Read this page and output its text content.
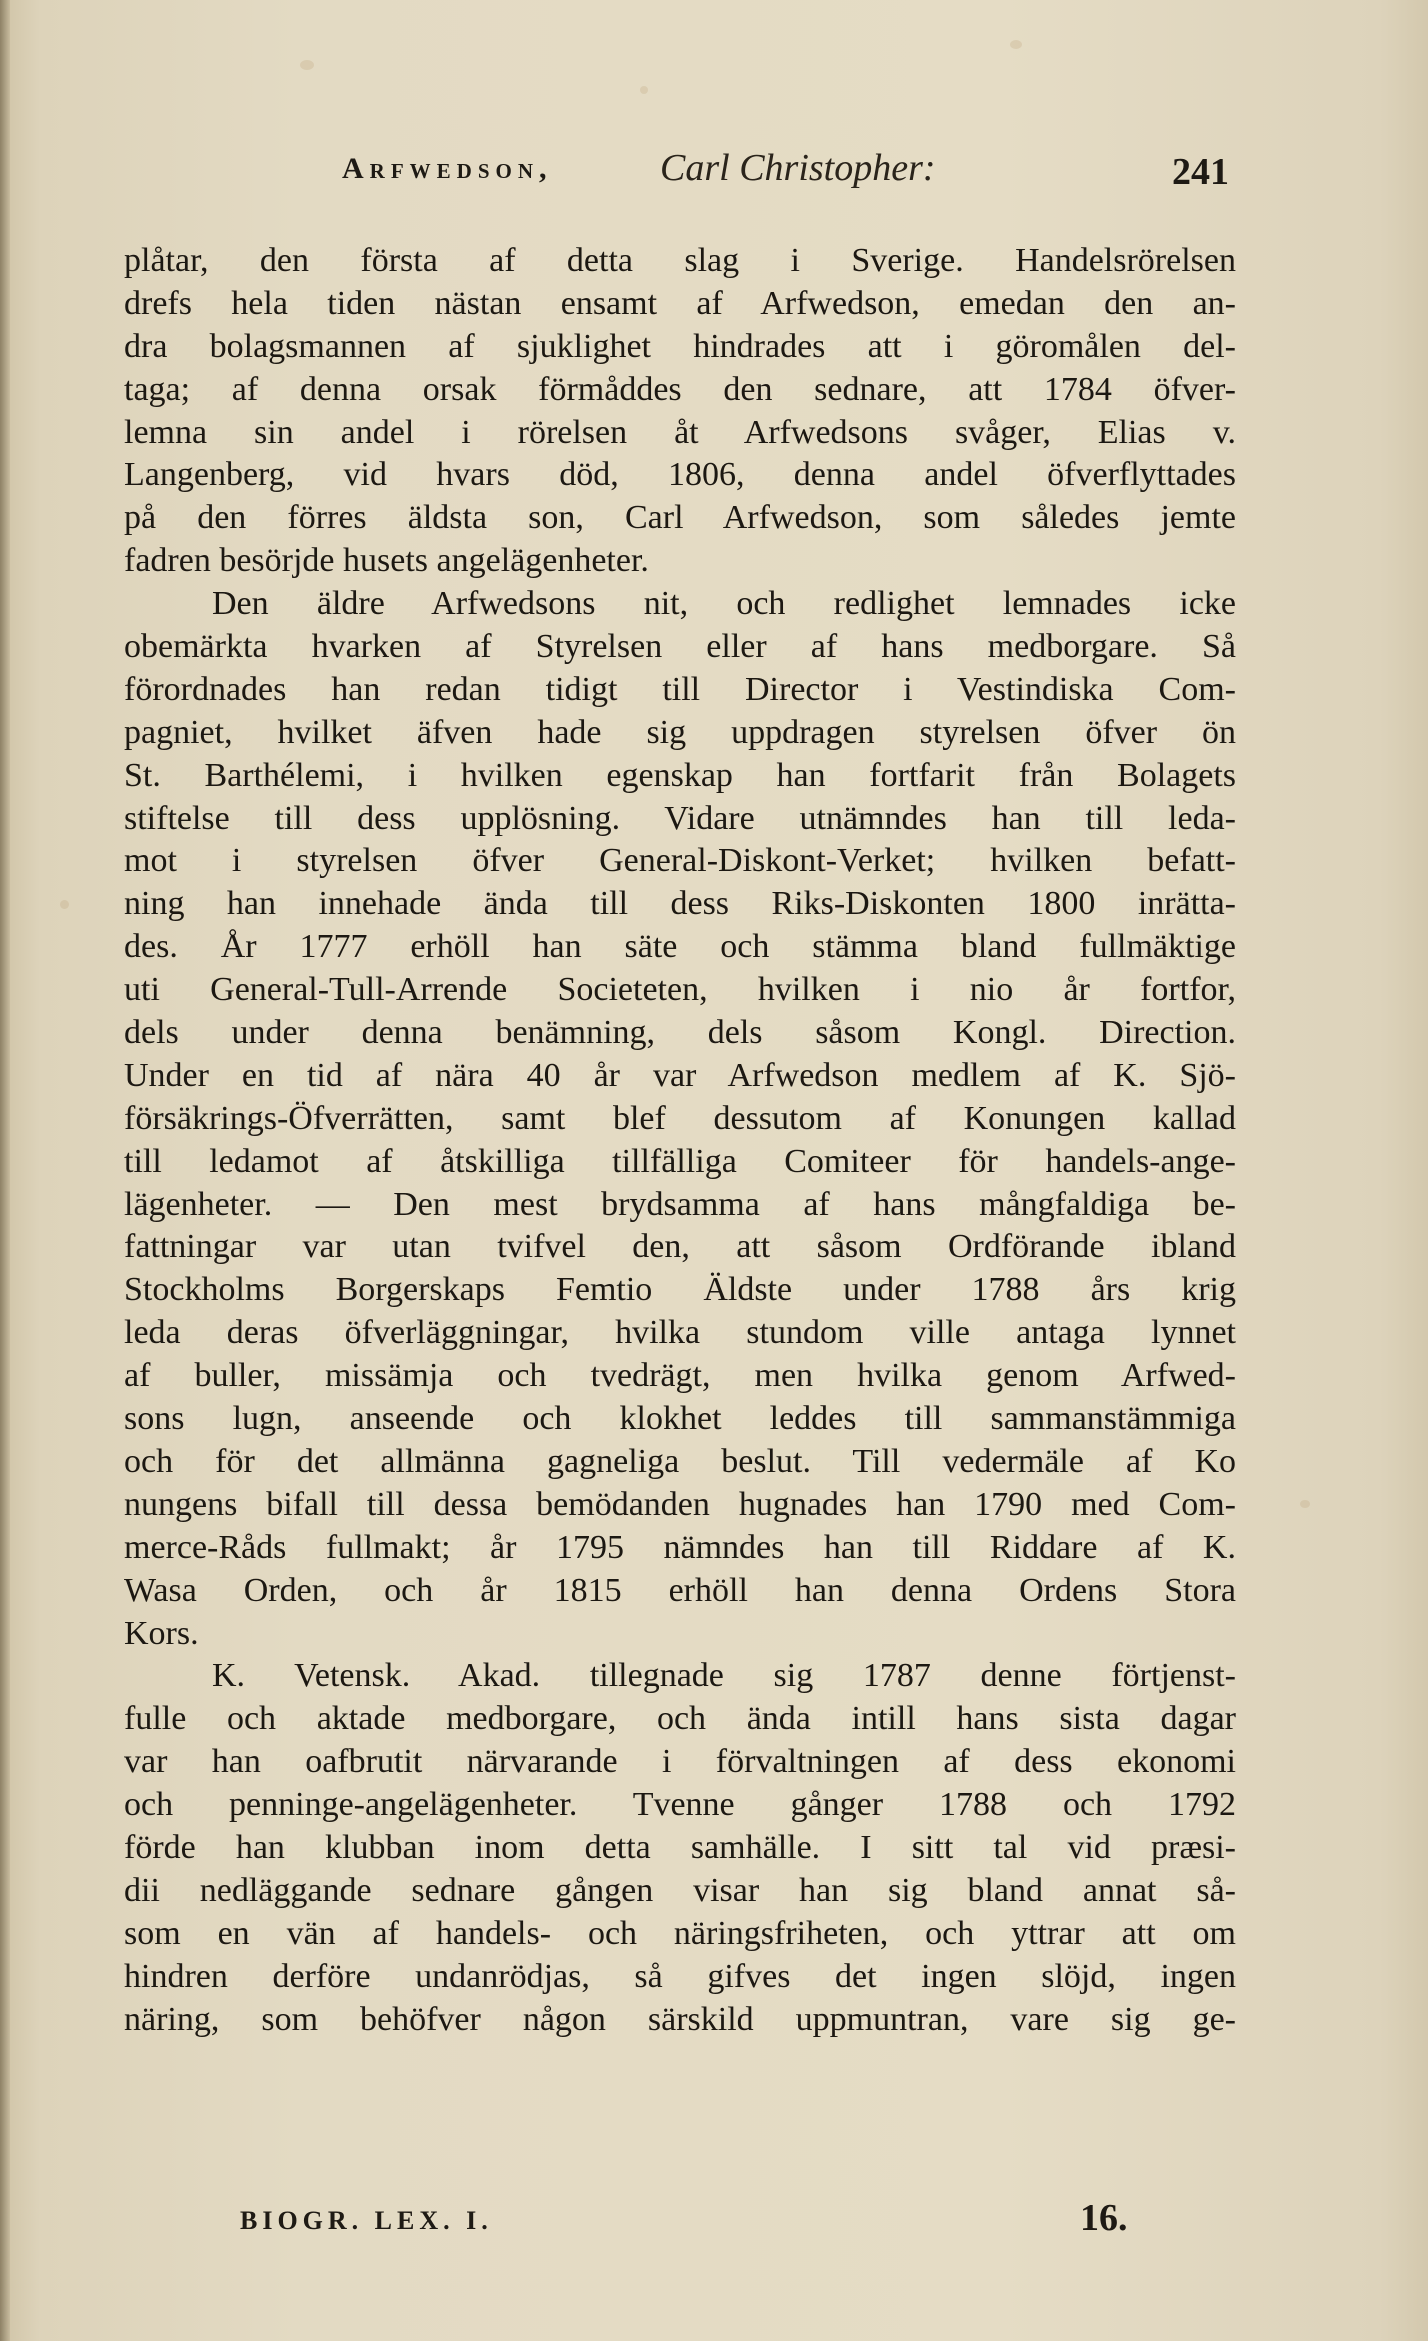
Arfwedson,	Carl Christopher:	241
plåtar, den första af detta slag i Sverige. Handelsrörelsen
drefs hela tiden nästan ensamt af Arfwedson, emedan den an-
dra bolagsmannen af sjuklighet hindrades att i göromålen del-
taga; af denna orsak förmåddes den sednare, att 1784 öfver-
lemna sin andel i rörelsen åt Arfwedsons svåger, Elias v.
Langenberg, vid hvars död, 1806, denna andel öfverflyttades
på den förres äldsta son, Carl Arfwedson, som således jemte
fadren besörjde husets angelägenheter.
Den äldre Arfwedsons nit, och redlighet lemnades icke
obemärkta hvarken af Styrelsen eller af hans medborgare. Så
förordnades han redan tidigt till Director i Vestindiska Com-
pagniet, hvilket äfven hade sig uppdragen styrelsen öfver ön
St. Barthélemi, i hvilken egenskap han fortfarit från Bolagets
stiftelse till dess upplösning. Vidare utnämndes han till leda-
mot i styrelsen öfver General-Diskont-Verket; hvilken befatt-
ning han innehade ända till dess Riks-Diskonten 1800 inrätta-
des. År 1777 erhöll han säte och stämma bland fullmäktige
uti General-Tull-Arrende Societeten, hvilken i nio år fortfor,
dels under denna benämning, dels såsom Kongl. Direction.
Under en tid af nära 40 år var Arfwedson medlem af K. Sjö-
försäkrings-Öfverrätten, samt blef dessutom af Konungen kallad
till ledamot af åtskilliga tillfälliga Comiteer för handels-ange-
lägenheter. — Den mest brydsamma af hans mångfaldiga be-
fattningar var utan tvifvel den, att såsom Ordförande ibland
Stockholms Borgerskaps Femtio Äldste under 1788 års krig
leda deras öfverläggningar, hvilka stundom ville antaga lynnet
af buller, missämja och tvedrägt, men hvilka genom Arfwed-
sons lugn, anseende och klokhet leddes till sammanstämmiga
och för det allmänna gagneliga beslut. Till vedermäle af Ko
nungens bifall till dessa bemödanden hugnades han 1790 med Com-
merce-Råds fullmakt; år 1795 nämndes han till Riddare af K.
Wasa Orden, och år 1815 erhöll han denna Ordens Stora
Kors.
K. Vetensk. Akad. tillegnade sig 1787 denne förtjenst-
fulle och aktade medborgare, och ända intill hans sista dagar
var han oafbrutit närvarande i förvaltningen af dess ekonomi
och penninge-angelägenheter. Tvenne gånger 1788 och 1792
förde han klubban inom detta samhälle. I sitt tal vid præsi-
dii nedläggande sednare gången visar han sig bland annat så-
som en vän af handels- och näringsfriheten, och yttrar att om
hindren derföre undanrödjas, så gifves det ingen slöjd, ingen
näring, som behöfver någon särskild uppmuntran, vare sig ge-
BIOGR. LEX. I.	16.
